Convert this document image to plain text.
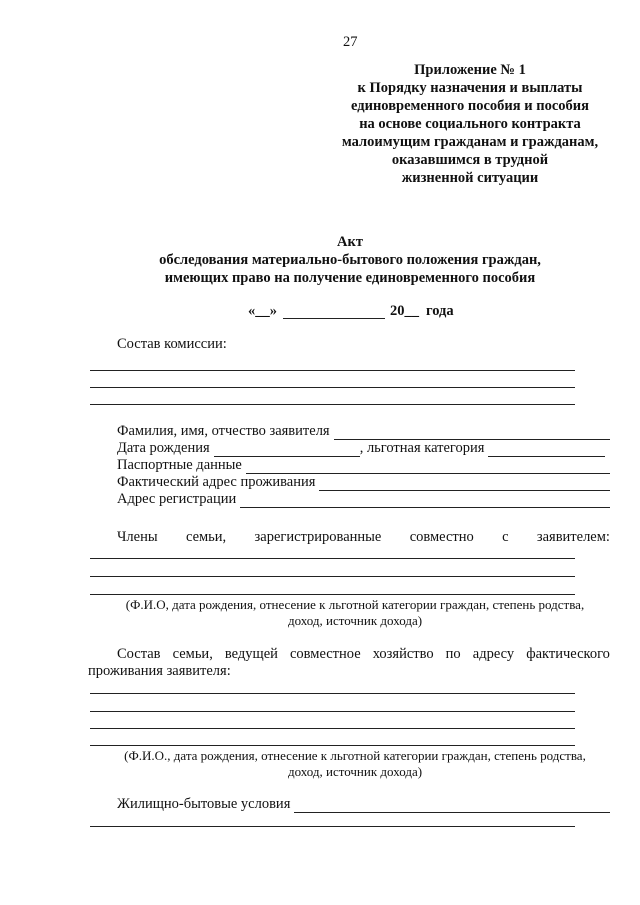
27
Приложение № 1
к Порядку назначения и выплаты
единовременного пособия и пособия
на основе социального контракта
малоимущим гражданам и гражданам,
оказавшимся в трудной
жизненной ситуации
Акт
обследования материально-бытового положения граждан,
имеющих право на получение единовременного пособия
«__»	20__ года
Состав комиссии:
Фамилия, имя, отчество заявителя
Дата рождения	, льготная категория
Паспортные данные
Фактический адрес проживания
Адрес регистрации
Члены семьи, зарегистрированные совместно с заявителем:
(Ф.И.О, дата рождения, отнесение к льготной категории граждан, степень родства,
доход, источник дохода)
Состав семьи, ведущей совместное хозяйство по адресу фактического
проживания заявителя:
(Ф.И.О., дата рождения, отнесение к льготной категории граждан, степень родства,
доход, источник дохода)
Жилищно-бытовые условия
